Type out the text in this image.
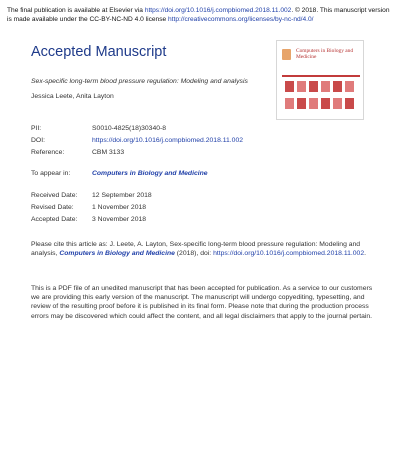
The final publication is available at Elsevier via https://doi.org/10.1016/j.compbiomed.2018.11.002. © 2018. This manuscript version is made available under the CC-BY-NC-ND 4.0 license http://creativecommons.org/licenses/by-nc-nd/4.0/
Accepted Manuscript	Computers in Biology and Medicine
Sex-specific long-term blood pressure regulation: Modeling and analysis
Jessica Leete, Anita Layton
PII:	S0010-4825(18)30340-8
DOI:	https://doi.org/10.1016/j.compbiomed.2018.11.002
Reference:	CBM 3133
To appear in:	Computers in Biology and Medicine
Received Date:	12 September 2018
Revised Date:	1 November 2018
Accepted Date:	3 November 2018
Please cite this article as: J. Leete, A. Layton, Sex-specific long-term blood pressure regulation: Modeling and analysis, Computers in Biology and Medicine (2018), doi: https://doi.org/10.1016/j.compbiomed.2018.11.002.
This is a PDF file of an unedited manuscript that has been accepted for publication. As a service to our customers we are providing this early version of the manuscript. The manuscript will undergo copyediting, typesetting, and review of the resulting proof before it is published in its final form. Please note that during the production process errors may be discovered which could affect the content, and all legal disclaimers that apply to the journal pertain.
